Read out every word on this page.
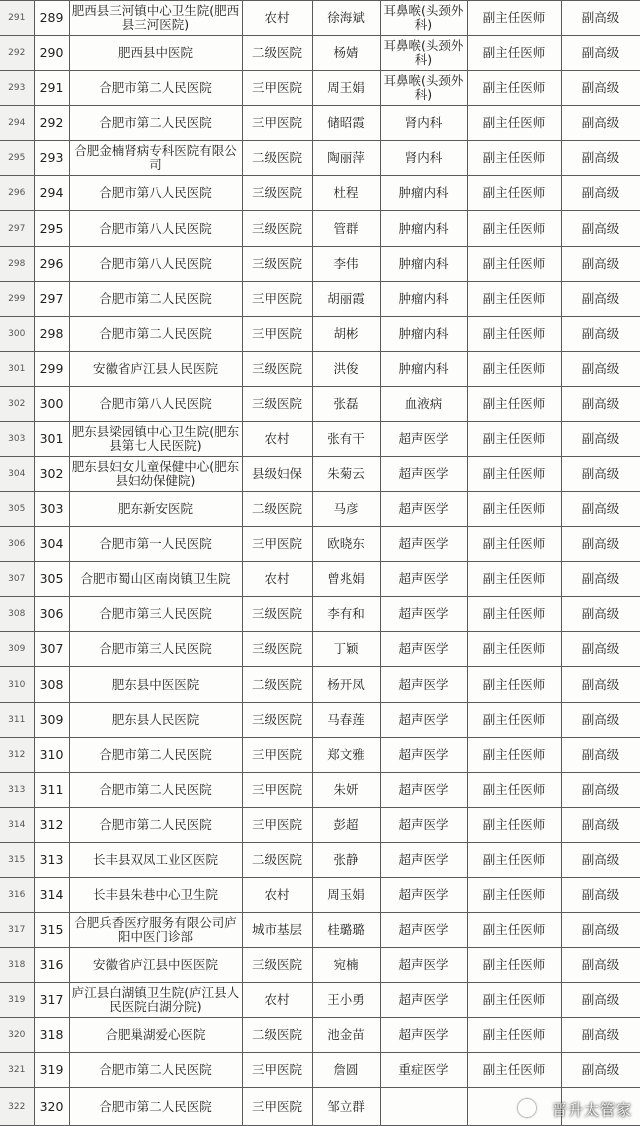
291	289	肥西县三河镇中心卫生院(肥西县三河医院)	农村	徐海斌	耳鼻喉(头颈外科)	副主任医师	副高级
292	290	肥西县中医院	二级医院	杨婧	耳鼻喉(头颈外科)	副主任医师	副高级
293	291	合肥市第二人民医院	三甲医院	周王娟	耳鼻喉(头颈外科)	副主任医师	副高级
294	292	合肥市第二人民医院	三甲医院	储昭霞	肾内科	副主任医师	副高级
295	293	合肥金楠肾病专科医院有限公司	二级医院	陶丽萍	肾内科	副主任医师	副高级
296	294	合肥市第八人民医院	三级医院	杜程	肿瘤内科	副主任医师	副高级
297	295	合肥市第八人民医院	三级医院	管群	肿瘤内科	副主任医师	副高级
298	296	合肥市第八人民医院	三级医院	李伟	肿瘤内科	副主任医师	副高级
299	297	合肥市第二人民医院	三甲医院	胡丽霞	肿瘤内科	副主任医师	副高级
300	298	合肥市第二人民医院	三甲医院	胡彬	肿瘤内科	副主任医师	副高级
301	299	安徽省庐江县人民医院	三级医院	洪俊	肿瘤内科	副主任医师	副高级
302	300	合肥市第八人民医院	三级医院	张磊	血液病	副主任医师	副高级
303	301	肥东县梁园镇中心卫生院(肥东县第七人民医院)	农村	张有干	超声医学	副主任医师	副高级
304	302	肥东县妇女儿童保健中心(肥东县妇幼保健院)	县级妇保	朱菊云	超声医学	副主任医师	副高级
305	303	肥东新安医院	二级医院	马彦	超声医学	副主任医师	副高级
306	304	合肥市第一人民医院	三甲医院	欧晓东	超声医学	副主任医师	副高级
307	305	合肥市蜀山区南岗镇卫生院	农村	曾兆娟	超声医学	副主任医师	副高级
308	306	合肥市第三人民医院	三级医院	李有和	超声医学	副主任医师	副高级
309	307	合肥市第三人民医院	三级医院	丁颖	超声医学	副主任医师	副高级
310	308	肥东县中医医院	二级医院	杨开凤	超声医学	副主任医师	副高级
311	309	肥东县人民医院	三级医院	马春莲	超声医学	副主任医师	副高级
312	310	合肥市第二人民医院	三甲医院	郑文雅	超声医学	副主任医师	副高级
313	311	合肥市第二人民医院	三甲医院	朱妍	超声医学	副主任医师	副高级
314	312	合肥市第二人民医院	三甲医院	彭超	超声医学	副主任医师	副高级
315	313	长丰县双凤工业区医院	二级医院	张静	超声医学	副主任医师	副高级
316	314	长丰县朱巷中心卫生院	农村	周玉娟	超声医学	副主任医师	副高级
317	315	合肥兵香医疗服务有限公司庐阳中医门诊部	城市基层	桂璐璐	超声医学	副主任医师	副高级
318	316	安徽省庐江县中医医院	三级医院	宛楠	超声医学	副主任医师	副高级
319	317	庐江县白湖镇卫生院(庐江县人民医院白湖分院)	农村	王小勇	超声医学	副主任医师	副高级
320	318	合肥巢湖爱心医院	二级医院	池金苗	超声医学	副主任医师	副高级
321	319	合肥市第二人民医院	三甲医院	詹圆	重症医学	副主任医师	副高级
322	320	合肥市第二人民医院	三甲医院	邹立群				晋升太管家
